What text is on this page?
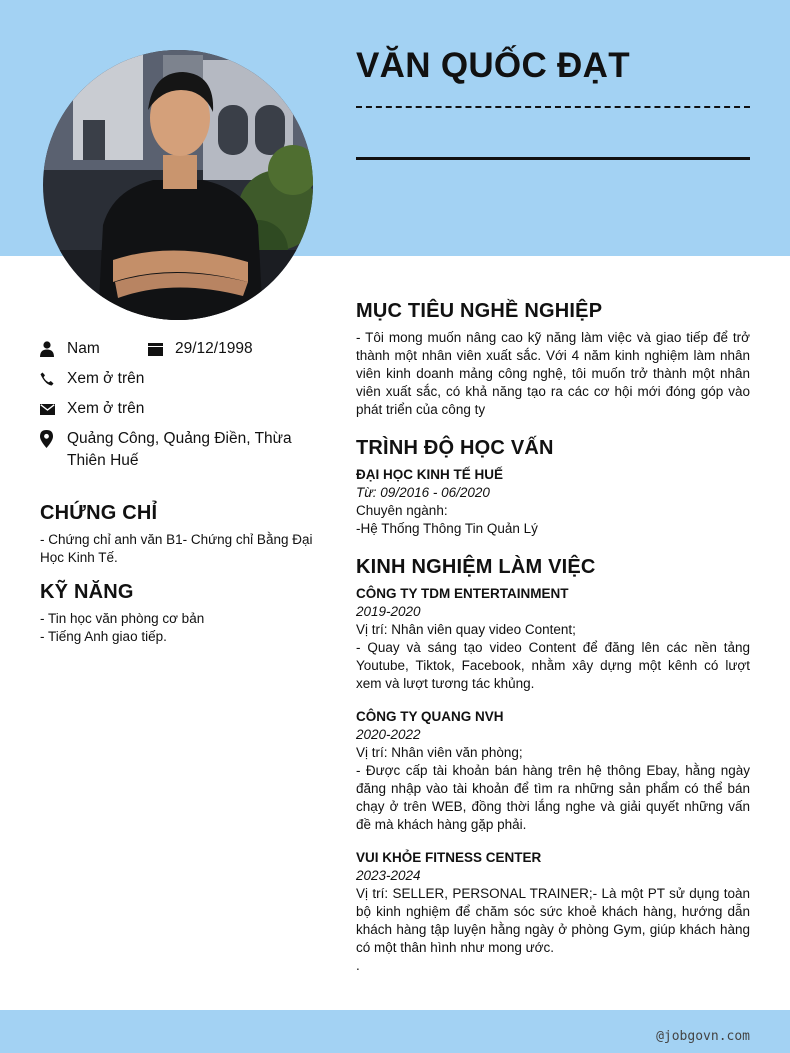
VĂN QUỐC ĐẠT
Nam	29/12/1998
Xem ở trên
Xem ở trên
Quảng Công, Quảng Điền, Thừa Thiên Huế
CHỨNG CHỈ
- Chứng chỉ anh văn B1- Chứng chỉ Bằng Đại Học Kinh Tế.
KỸ NĂNG
- Tin học văn phòng cơ bản
- Tiếng Anh giao tiếp.
MỤC TIÊU NGHỀ NGHIỆP

- Tôi mong muốn nâng cao kỹ năng làm việc và giao tiếp để trở thành một nhân viên xuất sắc. Với 4 năm kinh nghiệm làm nhân viên kinh doanh mảng công nghệ, tôi muốn trở thành một nhân viên xuất sắc, có khả năng tạo ra các cơ hội mới đóng góp vào phát triển của công ty

TRÌNH ĐỘ HỌC VẤN

ĐẠI HỌC KINH TẾ HUẾ

Từ: 09/2016 - 06/2020

Chuyên ngành:

-Hệ Thống Thông Tin Quản Lý

KINH NGHIỆM LÀM VIỆC

CÔNG TY TDM ENTERTAINMENT

2019-2020

Vị trí: Nhân viên quay video Content;

- Quay và sáng tạo video Content để đăng lên các nền tảng Youtube, Tiktok, Facebook, nhằm xây dựng một kênh có lượt xem và lượt tương tác khủng.

CÔNG TY QUANG NVH

2020-2022

Vị trí: Nhân viên văn phòng;

- Được cấp tài khoản bán hàng trên hệ thông Ebay, hằng ngày đăng nhập vào tài khoản để tìm ra những sản phẩm có thể bán chạy ở trên WEB, đồng thời lắng nghe và giải quyết những vấn đề mà khách hàng gặp phải.

VUI KHỎE FITNESS CENTER

2023-2024

Vị trí: SELLER, PERSONAL TRAINER;- Là một PT sử dụng toàn bộ kinh nghiệm để chăm sóc sức khoẻ khách hàng, hướng dẫn khách hàng tập luyện hằng ngày ở phòng Gym, giúp khách hàng có một thân hình như mong ước.

.

@jobgovn.com
